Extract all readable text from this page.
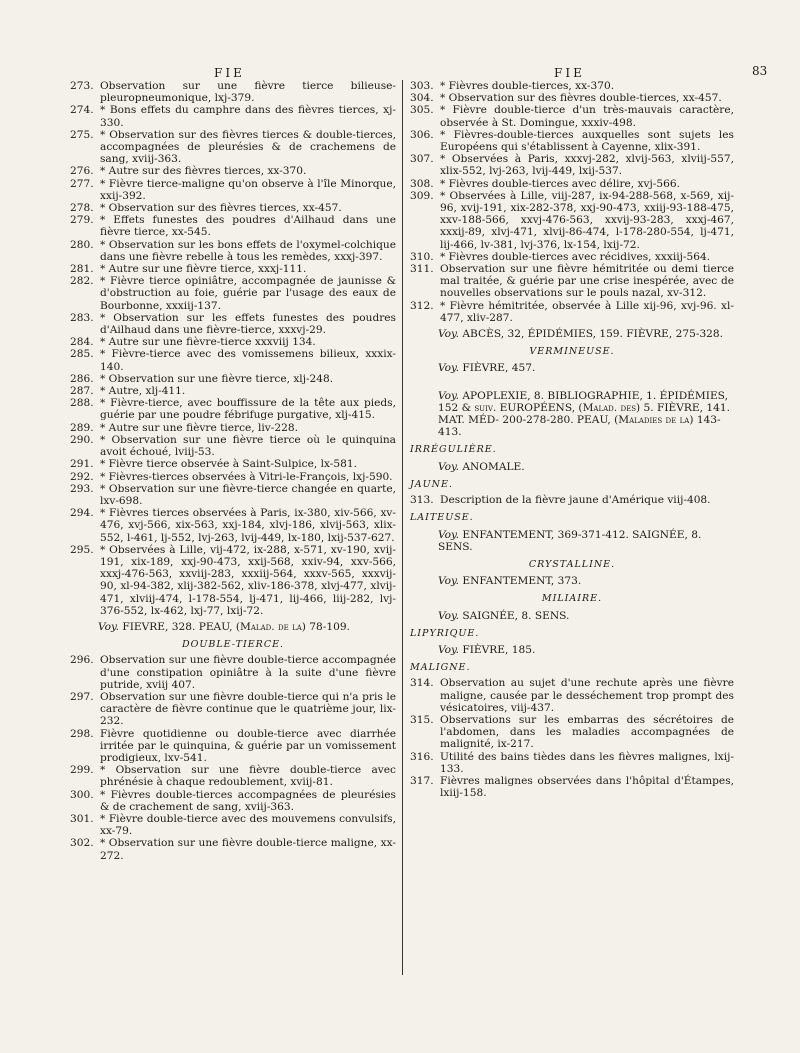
FIE	FIE	83
273. Observation sur une fièvre tierce bilieuse-pleuropneumonique, lxj-379.
274. * Bons effets du camphre dans des fièvres tierces, xj-330.
275. * Observation sur des fièvres tierces & double-tierces, accompagnées de pleurésies & de crachemens de sang, xviij-363.
276. * Autre sur des fièvres tierces, xx-370.
277. * Fièvre tierce-maligne qu'on observe à l'île Minorque, xxij-392.
278. * Observation sur des fièvres tierces, xx-457.
279. * Effets funestes des poudres d'Ailhaud dans une fièvre tierce, xx-545.
280. * Observation sur les bons effets de l'oxymel-colchique dans une fièvre rebelle à tous les remèdes, xxxj-397.
281. * Autre sur une fièvre tierce, xxxj-111.
282. * Fièvre tierce opiniâtre, accompagnée de jaunisse & d'obstruction au foie, guérie par l'usage des eaux de Bourbonne, xxxiij-137.
283. * Observation sur les effets funestes des poudres d'Ailhaud dans une fièvre-tierce, xxxvj-29.
284. * Autre sur une fièvre-tierce xxxviij 134.
285. * Fièvre-tierce avec des vomissemens bilieux, xxxix-140.
286. * Observation sur une fièvre tierce, xlj-248.
287. * Autre, xlj-411.
288. * Fièvre-tierce, avec bouffissure de la tête aux pieds, guérie par une poudre fébrifuge purgative, xlj-415.
289. * Autre sur une fièvre tierce, liv-228.
290. * Observation sur une fièvre tierce où le quinquina avoit échoué, lviij-53.
291. * Fièvre tierce observée à Saint-Sulpice, lx-581.
292. * Fièvres-tierces observées à Vitri-le-François, lxj-590.
293. * Observation sur une fièvre-tierce changée en quarte, lxv-698.
294. * Fièvres tierces observées à Paris, ix-380, xiv-566, xv-476, xvj-566, xix-563, xxj-184, xlvj-186, xlvij-563, xlix-552, l-461, lj-552, lvj-263, lvij-449, lx-180, lxij-537-627.
295. * Observées à Lille, vij-472, ix-288, x-571, xv-190, xvij-191, xix-189, xxj-90-473, xxij-568, xxiv-94, xxv-566, xxxj-476-563, xxviij-283, xxxiij-564, xxxv-565, xxxvij-90, xl-94-382, xlij-382-562, xliv-186-378, xlvj-477, xlvij-471, xlviij-474, l-178-554, lj-471, lij-466, liij-282, lvj-376-552, lx-462, lxj-77, lxij-72.
Voy. FIEVRE, 328. PEAU, (Malad. de la) 78-109.
DOUBLE-TIERCE.
296. Observation sur une fièvre double-tierce accompagnée d'une constipation opiniâtre à la suite d'une fièvre putride, xviij 407.
297. Observation sur une fièvre double-tierce qui n'a pris le caractère de fièvre continue que le quatrième jour, lix-232.
298. Fièvre quotidienne ou double-tierce avec diarrhée irritée par le quinquina, & guérie par un vomissement prodigieux, lxv-541.
299. * Observation sur une fièvre double-tierce avec phrénésie à chaque redoublement, xviij-81.
300. * Fièvres double-tierces accompagnées de pleurésies & de crachement de sang, xviij-363.
301. * Fièvre double-tierce avec des mouvemens convulsifs, xx-79.
302. * Observation sur une fièvre double-tierce maligne, xx-272.
303. * Fièvres double-tierces, xx-370.
304. * Observation sur des fièvres double-tierces, xx-457.
305. * Fièvre double-tierce d'un très-mauvais caractère, observée à St. Domingue, xxxiv-498.
306. * Fièvres-double-tierces auxquelles sont sujets les Européens qui s'établissent à Cayenne, xlix-391.
307. * Observées à Paris, xxxvj-282, xlvij-563, xlviij-557, xlix-552, lvj-263, lvij-449, lxij-537.
308. * Fièvres double-tierces avec délire, xvj-566.
309. * Observées à Lille, viij-287, ix-94-288-568, x-569, xij-96, xvij-191, xix-282-378, xxj-90-473, xxiij-93-188-475, xxv-188-566, xxvj-476-563, xxvij-93-283, xxxj-467, xxxij-89, xlvj-471, xlvij-86-474, l-178-280-554, lj-471, lij-466, lv-381, lvj-376, lx-154, lxij-72.
310. * Fièvres double-tierces avec récidives, xxxiij-564.
311. Observation sur une fièvre hémitritée ou demi tierce mal traitée, & guérie par une crise inespérée, avec de nouvelles observations sur le pouls nazal, xv-312.
312. * Fièvre hémitritée, observée à Lille xij-96, xvj-96. xl-477, xliv-287.
Voy. ABCÈS, 32, ÉPIDÉMIES, 159. FIÈVRE, 275-328.
VERMINEUSE.
Voy. FIÈVRE, 457.
Voy. APOPLEXIE, 8. BIBLIOGRAPHIE, 1. ÉPIDÉMIES, 152 & suiv. EUROPÉENS, (Malad. des) 5. FIÈVRE, 141. MAT. MÉD- 200-278-280. PEAU, (Maladies de la) 143-413.
IRRÉGULIÈRE.
Voy. ANOMALE.
JAUNE.
313. Description de la fièvre jaune d'Amérique viij-408.
LAITEUSE.
Voy. ENFANTEMENT, 369-371-412. SAIGNÉE, 8. SENS.
CRYSTALLINE.
Voy. ENFANTEMENT, 373.
MILIAIRE.
Voy. SAIGNÉE, 8. SENS.
LIPYRIQUE.
Voy. FIÈVRE, 185.
MALIGNE.
314. Observation au sujet d'une rechute après une fièvre maligne, causée par le desséchement trop prompt des vésicatoires, viij-437.
315. Observations sur les embarras des sécrétoires de l'abdomen, dans les maladies accompagnées de malignité, ix-217.
316. Utilité des bains tièdes dans les fièvres malignes, lxij-133.
317. Fièvres malignes observées dans l'hôpital d'Étampes, lxiij-158.
